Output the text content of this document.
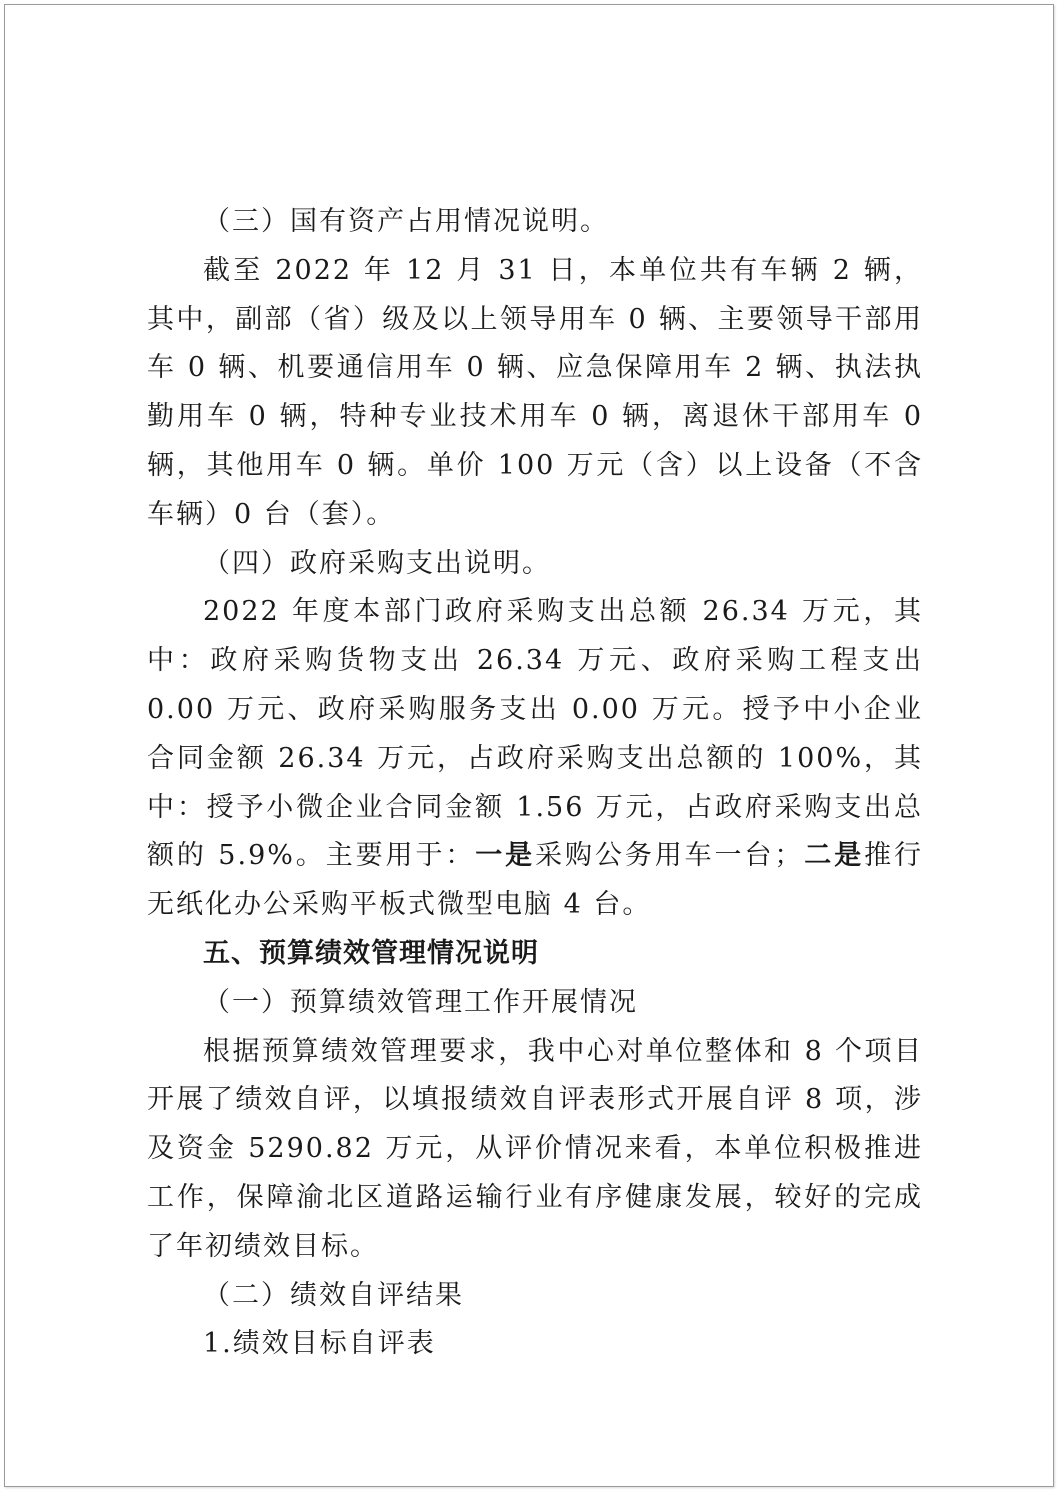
（三）国有资产占用情况说明。

截至 2022 年 12 月 31 日，本单位共有车辆 2 辆，其中，副部（省）级及以上领导用车 0 辆、主要领导干部用车 0 辆、机要通信用车 0 辆、应急保障用车 2 辆、执法执勤用车 0 辆，特种专业技术用车 0 辆，离退休干部用车 0 辆，其他用车 0 辆。单价 100 万元（含）以上设备（不含车辆）0 台（套）。

（四）政府采购支出说明。

2022 年度本部门政府采购支出总额 26.34 万元，其中：政府采购货物支出 26.34 万元、政府采购工程支出 0.00 万元、政府采购服务支出 0.00 万元。授予中小企业合同金额 26.34 万元，占政府采购支出总额的 100%，其中：授予小微企业合同金额 1.56 万元，占政府采购支出总额的 5.9%。主要用于：一是采购公务用车一台；二是推行无纸化办公采购平板式微型电脑 4 台。

五、预算绩效管理情况说明

（一）预算绩效管理工作开展情况

根据预算绩效管理要求，我中心对单位整体和 8 个项目开展了绩效自评，以填报绩效自评表形式开展自评 8 项，涉及资金 5290.82 万元，从评价情况来看，本单位积极推进工作，保障渝北区道路运输行业有序健康发展，较好的完成了年初绩效目标。

（二）绩效自评结果

1.绩效目标自评表
